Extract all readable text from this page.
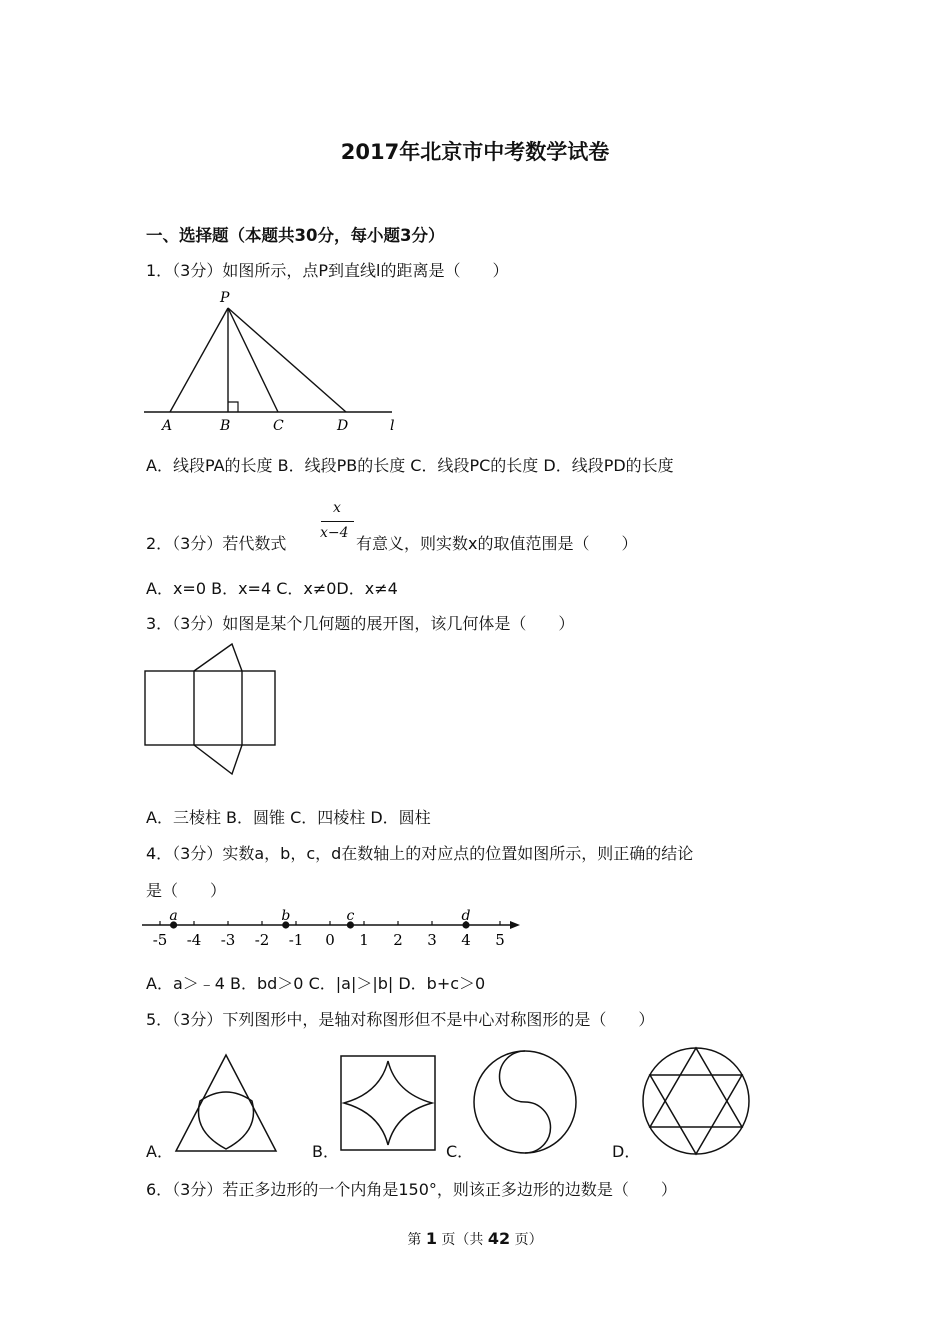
2017年北京市中考数学试卷
一、选择题（本题共30分，每小题3分）
1．（3分）如图所示，点P到直线l的距离是（　　）
P
A	B	C	D	l
A．线段PA的长度 B．线段PB的长度 C．线段PC的长度 D．线段PD的长度
2．（3分）若代数式
x
x−4
有意义，则实数x的取值范围是（　　）
A．x=0 B．x=4 C．x≠0D．x≠4
3．（3分）如图是某个几何题的展开图，该几何体是（　　）
A．三棱柱 B．圆锥 C．四棱柱 D．圆柱
4．（3分）实数a，b，c，d在数轴上的对应点的位置如图所示，则正确的结论
是（　　）
-5 -4 -3 -2 -1 0 1 2 3 4 5
a	b	c	d
A．a＞﹣4 B．bd＞0 C．|a|＞|b| D．b+c＞0
5．（3分）下列图形中，是轴对称图形但不是中心对称图形的是（　　）
A．	B．	C．	D．
6．（3分）若正多边形的一个内角是150°，则该正多边形的边数是（　　）
第 1 页（共 42 页）
